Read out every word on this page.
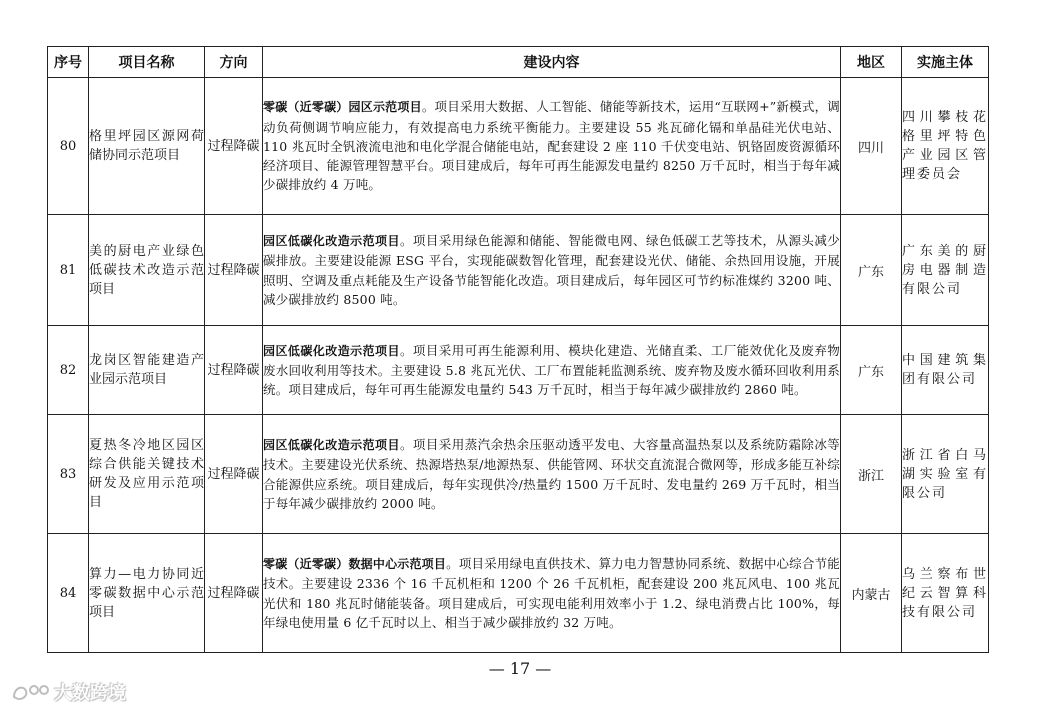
序号	项目名称	方向	建设内容	地区	实施主体
80	格里坪园区源网荷储协同示范项目	过程降碳	零碳（近零碳）园区示范项目。项目采用大数据、人工智能、储能等新技术，运用“互联网+”新模式，调动负荷侧调节响应能力，有效提高电力系统平衡能力。主要建设 55 兆瓦碲化镉和单晶硅光伏电站、110 兆瓦时全钒液流电池和电化学混合储能电站，配套建设 2 座 110 千伏变电站、钒铬固废资源循环经济项目、能源管理智慧平台。项目建成后，每年可再生能源发电量约 8250 万千瓦时，相当于每年减少碳排放约 4 万吨。	四川	四川攀枝花格里坪特色产业园区管理委员会
81	美的厨电产业绿色低碳技术改造示范项目	过程降碳	园区低碳化改造示范项目。项目采用绿色能源和储能、智能微电网、绿色低碳工艺等技术，从源头减少碳排放。主要建设能源 ESG 平台，实现能碳数智化管理，配套建设光伏、储能、余热回用设施，开展照明、空调及重点耗能及生产设备节能智能化改造。项目建成后，每年园区可节约标准煤约 3200 吨、减少碳排放约 8500 吨。	广东	广东美的厨房电器制造有限公司
82	龙岗区智能建造产业园示范项目	过程降碳	园区低碳化改造示范项目。项目采用可再生能源利用、模块化建造、光储直柔、工厂能效优化及废弃物废水回收利用等技术。主要建设 5.8 兆瓦光伏、工厂布置能耗监测系统、废弃物及废水循环回收利用系统。项目建成后，每年可再生能源发电量约 543 万千瓦时，相当于每年减少碳排放约 2860 吨。	广东	中国建筑集团有限公司
83	夏热冬冷地区园区综合供能关键技术研发及应用示范项目	过程降碳	园区低碳化改造示范项目。项目采用蒸汽余热余压驱动透平发电、大容量高温热泵以及系统防霜除冰等技术。主要建设光伏系统、热源塔热泵/地源热泵、供能管网、环状交直流混合微网等，形成多能互补综合能源供应系统。项目建成后，每年实现供冷/热量约 1500 万千瓦时、发电量约 269 万千瓦时，相当于每年减少碳排放约 2000 吨。	浙江	浙江省白马湖实验室有限公司
84	算力—电力协同近零碳数据中心示范项目	过程降碳	零碳（近零碳）数据中心示范项目。项目采用绿电直供技术、算力电力智慧协同系统、数据中心综合节能技术。主要建设 2336 个 16 千瓦机柜和 1200 个 26 千瓦机柜，配套建设 200 兆瓦风电、100 兆瓦光伏和 180 兆瓦时储能装备。项目建成后，可实现电能利用效率小于 1.2、绿电消费占比 100%，每年绿电使用量 6 亿千瓦时以上、相当于减少碳排放约 32 万吨。	内蒙古	乌兰察布世纪云智算科技有限公司
— 17 —
大数跨境
